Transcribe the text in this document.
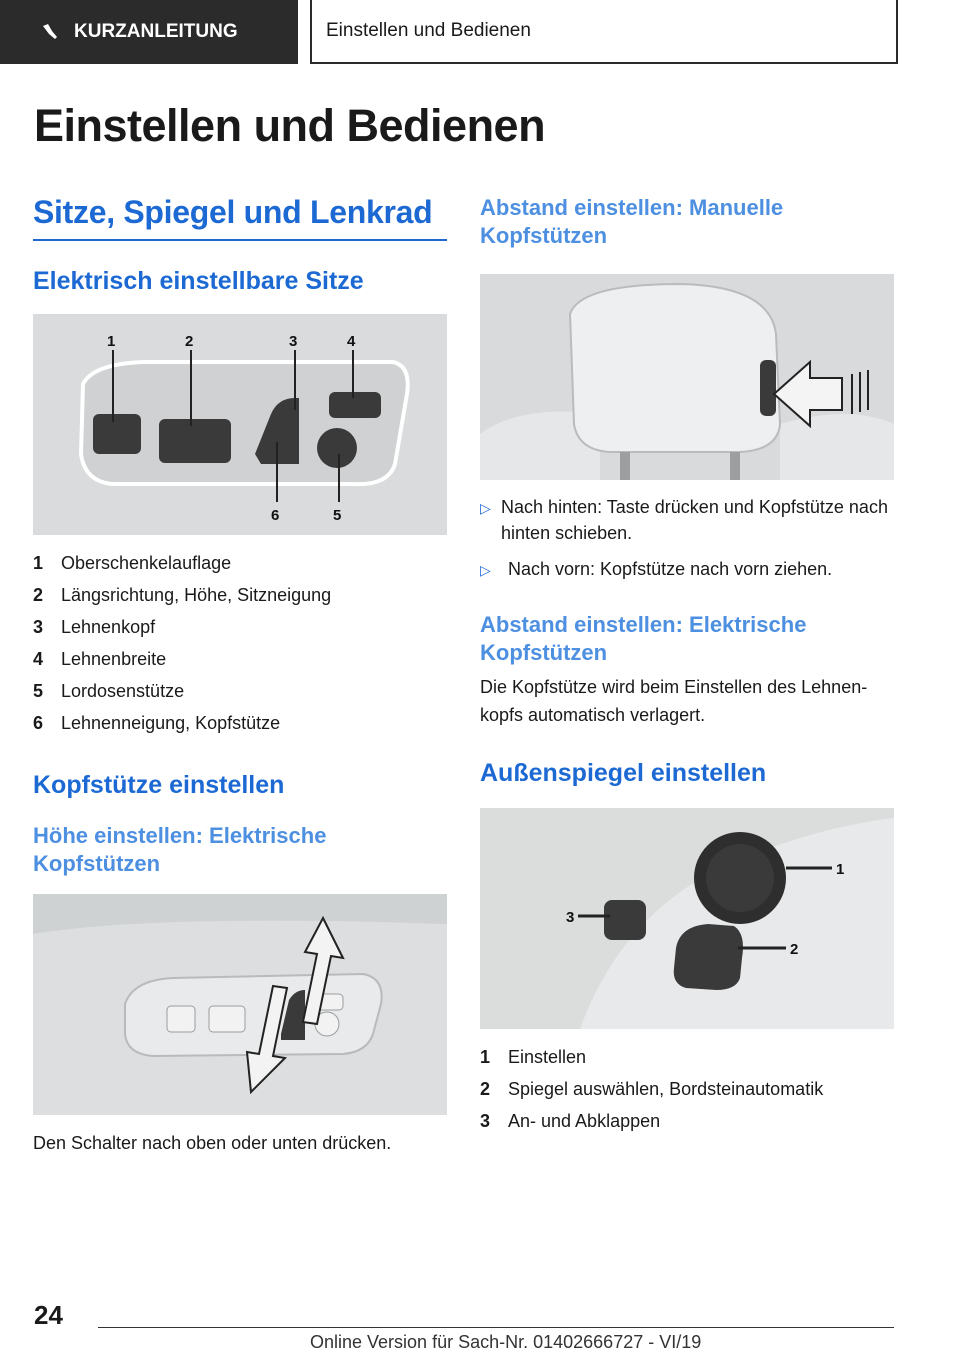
KURZANLEITUNG	Einstellen und Bedienen
Einstellen und Bedienen
Sitze, Spiegel und Lenkrad
Elektrisch einstellbare Sitze
1	2	3	4
5
6
1 Oberschenkelauflage
2 Längsrichtung, Höhe, Sitzneigung
3 Lehnenkopf
4 Lehnenbreite
5 Lordosenstütze
6 Lehnenneigung, Kopfstütze
Kopfstütze einstellen
Höhe einstellen: Elektrische Kopfstützen

Den Schalter nach oben oder unten drücken.

Abstand einstellen: Manuelle Kopfstützen
▷ Nach hinten: Taste drücken und Kopfstütze nach hinten schieben.
▷ Nach vorn: Kopfstütze nach vorn ziehen.
Abstand einstellen: Elektrische Kopfstützen

Die Kopfstütze wird beim Einstellen des Lehnen-kopfs automatisch verlagert.

Außenspiegel einstellen
1
2
3
1 Einstellen
2 Spiegel auswählen, Bordsteinautomatik
3 An- und Abklappen
24
Online Version für Sach-Nr. 01402666727 - VI/19
